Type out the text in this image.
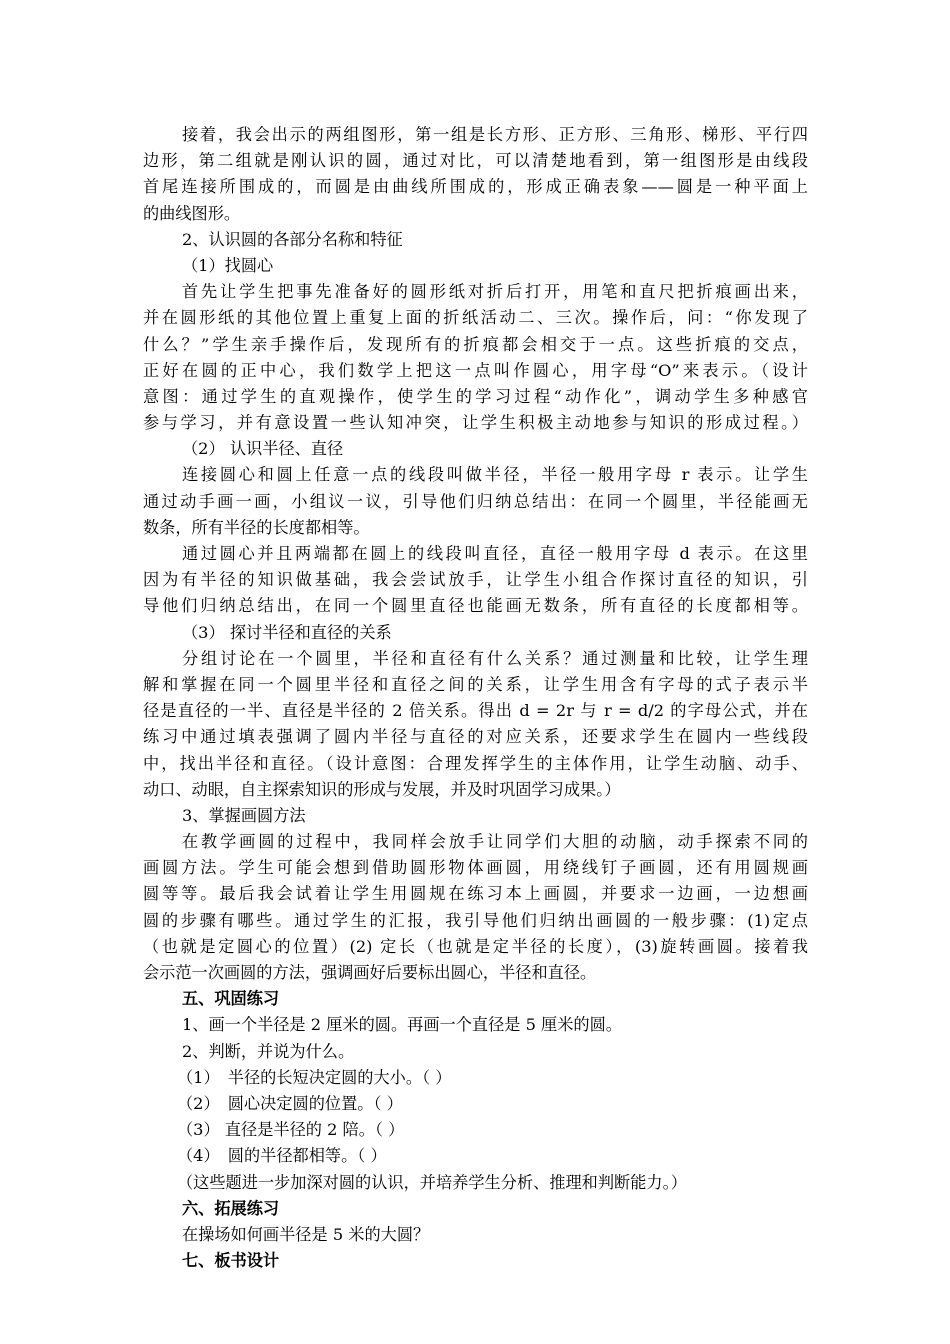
接着，我会出示的两组图形，第一组是长方形、正方形、三角形、梯形、平行四
边形，第二组就是刚认识的圆，通过对比，可以清楚地看到，第一组图形是由线段
首尾连接所围成的，而圆是由曲线所围成的，形成正确表象——圆是一种平面上
的曲线图形。
2、认识圆的各部分名称和特征
（1）找圆心
首先让学生把事先准备好的圆形纸对折后打开，用笔和直尺把折痕画出来，
并在圆形纸的其他位置上重复上面的折纸活动二、三次。操作后，问：“你发现了
什么？”学生亲手操作后，发现所有的折痕都会相交于一点。这些折痕的交点，
正好在圆的正中心，我们数学上把这一点叫作圆心，用字母“O”来表示。（设计
意图：通过学生的直观操作，使学生的学习过程“动作化”，调动学生多种感官
参与学习，并有意设置一些认知冲突，让学生积极主动地参与知识的形成过程。）
（2） 认识半径、直径
连接圆心和圆上任意一点的线段叫做半径，半径一般用字母 r 表示。让学生
通过动手画一画，小组议一议，引导他们归纳总结出：在同一个圆里，半径能画无
数条，所有半径的长度都相等。
通过圆心并且两端都在圆上的线段叫直径，直径一般用字母 d 表示。在这里
因为有半径的知识做基础，我会尝试放手，让学生小组合作探讨直径的知识，引
导他们归纳总结出，在同一个圆里直径也能画无数条，所有直径的长度都相等。
（3） 探讨半径和直径的关系
分组讨论在一个圆里，半径和直径有什么关系？通过测量和比较，让学生理
解和掌握在同一个圆里半径和直径之间的关系，让学生用含有字母的式子表示半
径是直径的一半、直径是半径的 2 倍关系。得出 d = 2r 与 r = d/2 的字母公式，并在
练习中通过填表强调了圆内半径与直径的对应关系，还要求学生在圆内一些线段
中，找出半径和直径。（设计意图：合理发挥学生的主体作用，让学生动脑、动手、
动口、动眼，自主探索知识的形成与发展，并及时巩固学习成果。）
3、掌握画圆方法
在教学画圆的过程中，我同样会放手让同学们大胆的动脑，动手探索不同的
画圆方法。学生可能会想到借助圆形物体画圆，用绕线钉子画圆，还有用圆规画
圆等等。最后我会试着让学生用圆规在练习本上画圆，并要求一边画，一边想画
圆的步骤有哪些。通过学生的汇报，我引导他们归纳出画圆的一般步骤：(1)定点
（也就是定圆心的位置）(2) 定长（也就是定半径的长度），(3)旋转画圆。接着我
会示范一次画圆的方法，强调画好后要标出圆心，半径和直径。
五、巩固练习
1、画一个半径是 2 厘米的圆。再画一个直径是 5 厘米的圆。
2、判断，并说为什么。
（1）　半径的长短决定圆的大小。（ ）
（2）　圆心决定圆的位置。（ ）
（3） 直径是半径的 2 陪。（ ）
（4）　圆的半径都相等。（ ）
（这些题进一步加深对圆的认识，并培养学生分析、推理和判断能力。）
六、拓展练习
在操场如何画半径是 5 米的大圆？
七、板书设计
